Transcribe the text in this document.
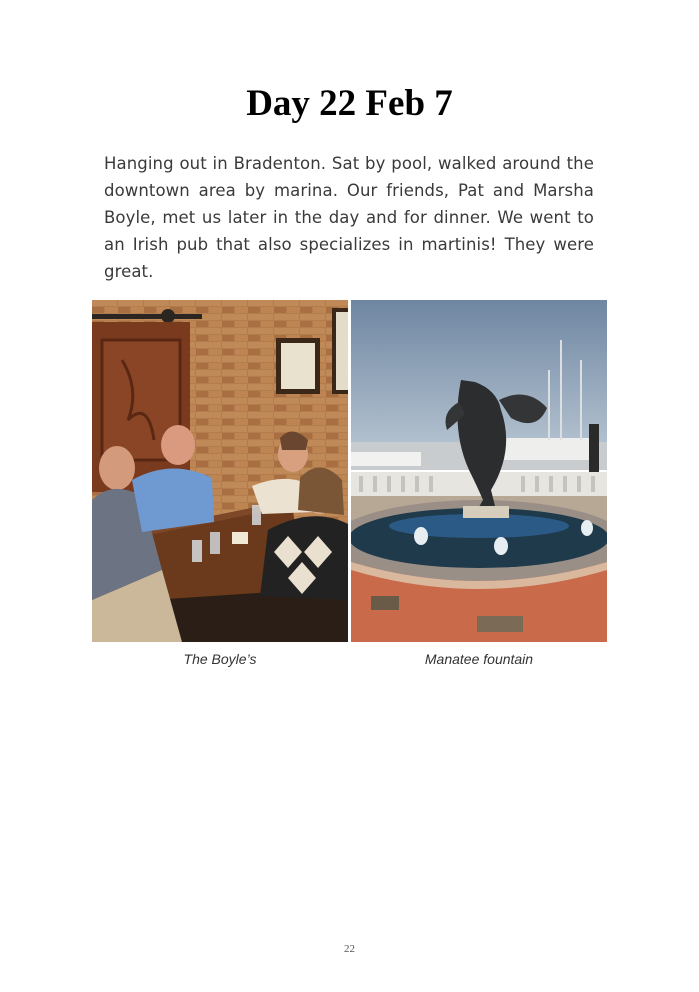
Day 22 Feb 7

Hanging out in Bradenton. Sat by pool, walked around the downtown area by marina. Our friends, Pat and Marsha Boyle, met us later in the day and for dinner. We went to an Irish pub that also specializes in martinis! They were great.

The Boyle’s	Manatee fountain

22
